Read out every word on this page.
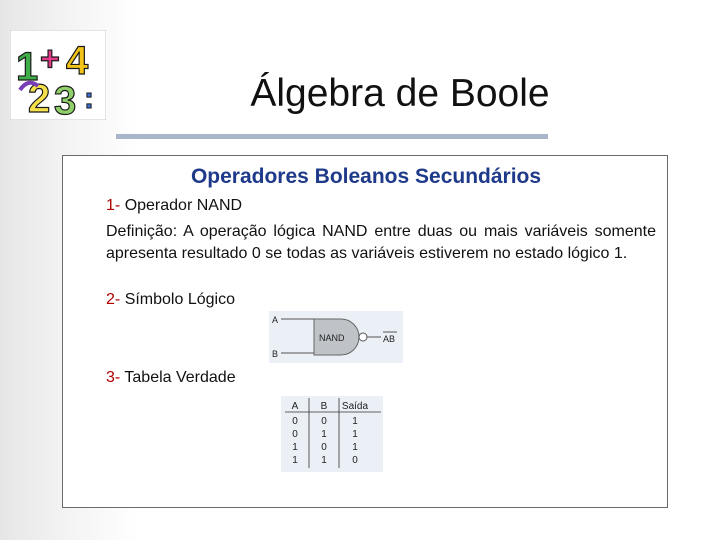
1 + 4
2 3 :	Álgebra de Boole
Operadores Boleanos Secundários
1- Operador NAND
Definição: A operação lógica NAND entre duas ou mais variáveis somente apresenta resultado 0 se todas as variáveis estiverem no estado lógico 1.
2- Símbolo Lógico
A
B
NAND	AB
3- Tabela Verdade
A B Saída
0 0	1
0 1	1
1 0	1
1 1	0
